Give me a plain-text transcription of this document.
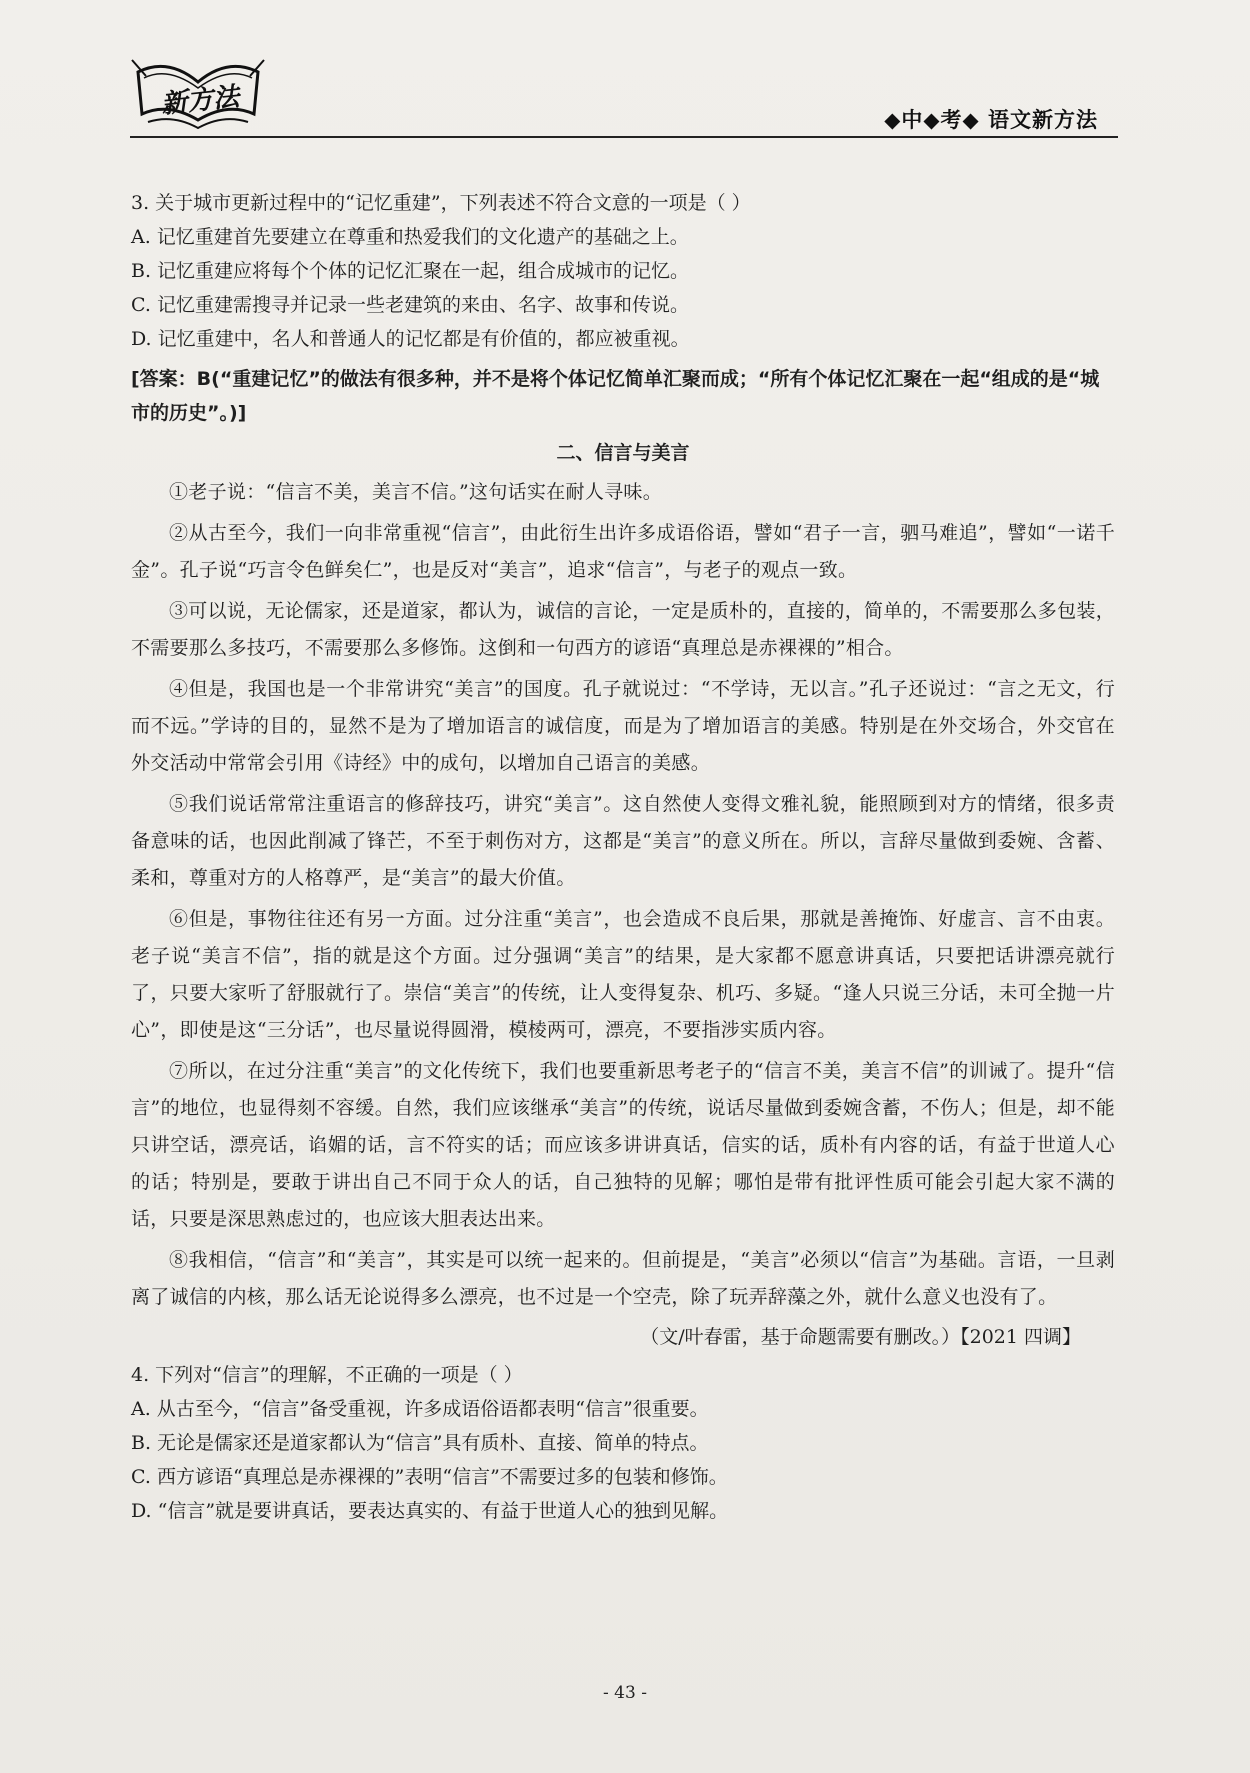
新方法
◆中◆考◆ 语文新方法

3. 关于城市更新过程中的“记忆重建”，下列表述不符合文意的一项是（ ）

A. 记忆重建首先要建立在尊重和热爱我们的文化遗产的基础之上。

B. 记忆重建应将每个个体的记忆汇聚在一起，组合成城市的记忆。

C. 记忆重建需搜寻并记录一些老建筑的来由、名字、故事和传说。

D. 记忆重建中，名人和普通人的记忆都是有价值的，都应被重视。

[答案：B(“重建记忆”的做法有很多种，并不是将个体记忆简单汇聚而成；“所有个体记忆汇聚在一起“组成的是“城市的历史”。)]

二、信言与美言

①老子说：“信言不美，美言不信。”这句话实在耐人寻味。

②从古至今，我们一向非常重视“信言”，由此衍生出许多成语俗语，譬如“君子一言，驷马难追”，譬如“一诺千金”。孔子说“巧言令色鲜矣仁”，也是反对“美言”，追求“信言”，与老子的观点一致。

③可以说，无论儒家，还是道家，都认为，诚信的言论，一定是质朴的，直接的，简单的，不需要那么多包装，不需要那么多技巧，不需要那么多修饰。这倒和一句西方的谚语“真理总是赤裸裸的”相合。

④但是，我国也是一个非常讲究“美言”的国度。孔子就说过：“不学诗，无以言。”孔子还说过：“言之无文，行而不远。”学诗的目的，显然不是为了增加语言的诚信度，而是为了增加语言的美感。特别是在外交场合，外交官在外交活动中常常会引用《诗经》中的成句，以增加自己语言的美感。

⑤我们说话常常注重语言的修辞技巧，讲究“美言”。这自然使人变得文雅礼貌，能照顾到对方的情绪，很多责备意味的话，也因此削减了锋芒，不至于刺伤对方，这都是“美言”的意义所在。所以，言辞尽量做到委婉、含蓄、柔和，尊重对方的人格尊严，是“美言”的最大价值。

⑥但是，事物往往还有另一方面。过分注重“美言”，也会造成不良后果，那就是善掩饰、好虚言、言不由衷。老子说“美言不信”，指的就是这个方面。过分强调“美言”的结果，是大家都不愿意讲真话，只要把话讲漂亮就行了，只要大家听了舒服就行了。崇信“美言”的传统，让人变得复杂、机巧、多疑。“逢人只说三分话，未可全抛一片心”，即使是这“三分话”，也尽量说得圆滑，模棱两可，漂亮，不要指涉实质内容。

⑦所以，在过分注重“美言”的文化传统下，我们也要重新思考老子的“信言不美，美言不信”的训诫了。提升“信言”的地位，也显得刻不容缓。自然，我们应该继承“美言”的传统，说话尽量做到委婉含蓄，不伤人；但是，却不能只讲空话，漂亮话，谄媚的话，言不符实的话；而应该多讲讲真话，信实的话，质朴有内容的话，有益于世道人心的话；特别是，要敢于讲出自己不同于众人的话，自己独特的见解；哪怕是带有批评性质可能会引起大家不满的话，只要是深思熟虑过的，也应该大胆表达出来。

⑧我相信，“信言”和“美言”，其实是可以统一起来的。但前提是，“美言”必须以“信言”为基础。言语，一旦剥离了诚信的内核，那么话无论说得多么漂亮，也不过是一个空壳，除了玩弄辞藻之外，就什么意义也没有了。

（文/叶春雷，基于命题需要有删改。）【2021 四调】

4. 下列对“信言”的理解，不正确的一项是（ ）

A. 从古至今，“信言”备受重视，许多成语俗语都表明“信言”很重要。

B. 无论是儒家还是道家都认为“信言”具有质朴、直接、简单的特点。

C. 西方谚语“真理总是赤裸裸的”表明“信言”不需要过多的包装和修饰。

D. “信言”就是要讲真话，要表达真实的、有益于世道人心的独到见解。

- 43 -
